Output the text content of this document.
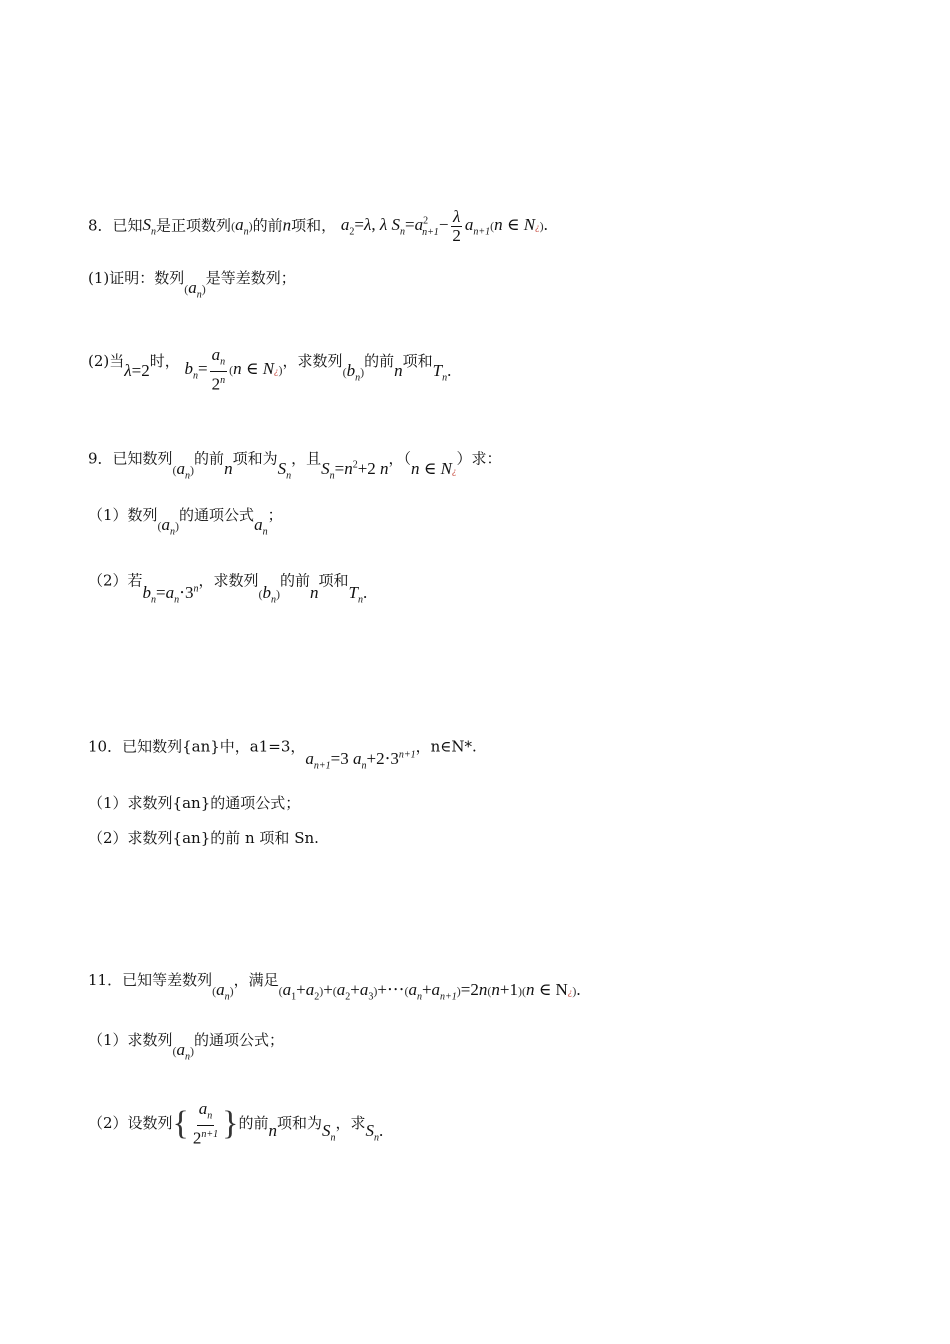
8．已知$S_n$是正项数列$(a_n)$的前n项和， $a_2=\lambda$, λ $S_n=a^2_{n+1}- \frac{\lambda}{2} a_{n+1}(n$ ∈ N¿).
(1)证明：数列$(a_n)$是等差数列；
(2)当λ=2时， $b_n= \frac{a_n}{2^n} (n$ ∈ N¿)，求数列$(b_n)$的前n项和$T_n$.
9．已知数列$(a_n)$的前n项和为$S_n$，且$S_n=n^2+2$ n，（n ∈ N¿）求：
（1）数列$(a_n)$的通项公式$a_n$；
（2）若$b_n=a_n\cdot 3^n$，求数列$(b_n)$的前n项和$T_n$.
10．已知数列{an}中，a1=3，$a_{n+1}=3$ $a_n+2\cdot 3^{n+1}$，n∈N*.
（1）求数列{an}的通项公式；
（2）求数列{an}的前 n 项和 Sn.
11．已知等差数列$(a_n)$，满足$(a_1+a_2)+(a_2+a_3)+\cdot\cdot\cdot(a_n+a_{n+1})=2n(n+1)(n$ ∈ N¿).
（1）求数列$(a_n)$的通项公式；
（2）设数列{ $\frac{a_n}{2^{n+1}}$ }的前n项和为$S_n$，求$S_n$.
